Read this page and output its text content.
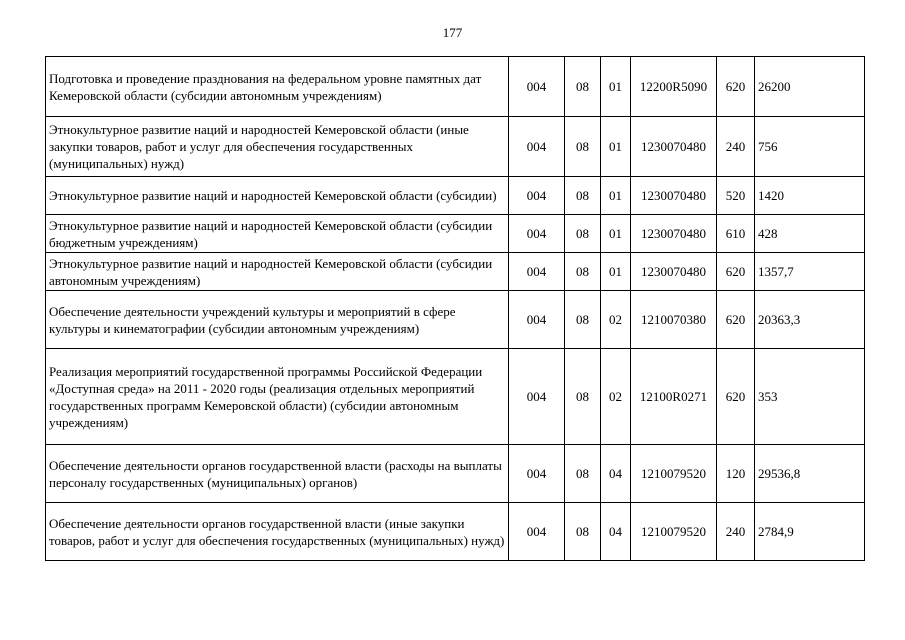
177
Подготовка и проведение празднования на федеральном уровне памятных дат Кемеровской области (субсидии автономным учреждениям)	004	08	01	12200R5090	620	26200
Этнокультурное развитие наций и народностей Кемеровской области (иные закупки товаров, работ и услуг для обеспечения государственных (муниципальных) нужд)	004	08	01	1230070480	240	756
Этнокультурное развитие наций и народностей Кемеровской области (субсидии)	004	08	01	1230070480	520	1420
Этнокультурное развитие наций и народностей Кемеровской области (субсидии бюджетным учреждениям)	004	08	01	1230070480	610	428
Этнокультурное развитие наций и народностей Кемеровской области (субсидии автономным учреждениям)	004	08	01	1230070480	620	1357,7
Обеспечение деятельности учреждений культуры и мероприятий в сфере культуры и кинематографии (субсидии автономным учреждениям)	004	08	02	1210070380	620	20363,3
Реализация мероприятий государственной программы Российской Федерации «Доступная среда» на 2011 - 2020 годы (реализация отдельных мероприятий государственных программ Кемеровской области) (субсидии автономным учреждениям)	004	08	02	12100R0271	620	353
Обеспечение деятельности органов государственной власти (расходы на выплаты персоналу государственных (муниципальных) органов)	004	08	04	1210079520	120	29536,8
Обеспечение деятельности органов государственной власти (иные закупки товаров, работ и услуг для обеспечения государственных (муниципальных) нужд)	004	08	04	1210079520	240	2784,9
